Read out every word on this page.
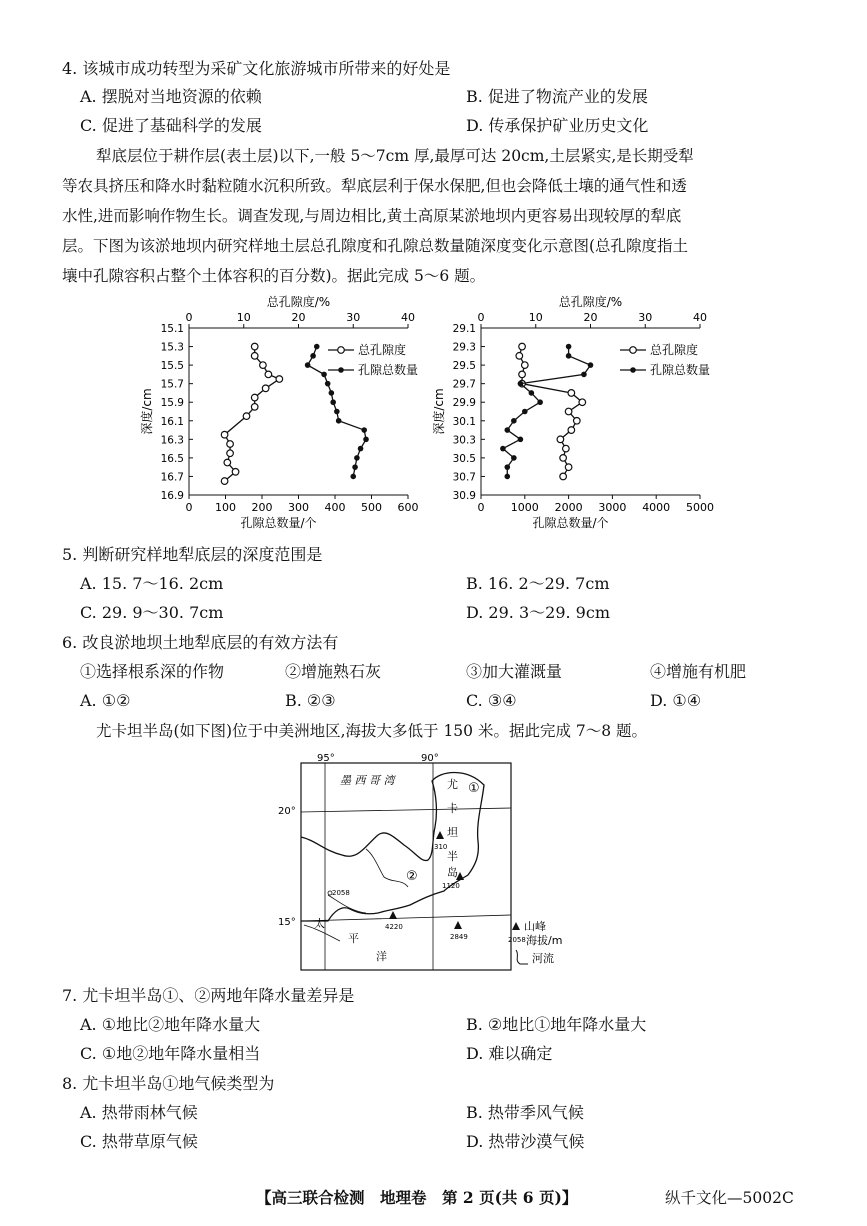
4. 该城市成功转型为采矿文化旅游城市所带来的好处是
A. 摆脱对当地资源的依赖	B. 促进了物流产业的发展
C. 促进了基础科学的发展	D. 传承保护矿业历史文化
犁底层位于耕作层(表土层)以下,一般 5～7cm 厚,最厚可达 20cm,土层紧实,是长期受犁
等农具挤压和降水时黏粒随水沉积所致。犁底层利于保水保肥,但也会降低土壤的通气性和透
水性,进而影响作物生长。调查发现,与周边相比,黄土高原某淤地坝内更容易出现较厚的犁底
层。下图为该淤地坝内研究样地土层总孔隙度和孔隙总数量随深度变化示意图(总孔隙度指土
壤中孔隙容积占整个土体容积的百分数)。据此完成 5～6 题。
0	10	20	30	40
总孔隙度/%
0 100 200 300 400 500 600
孔隙总数量/个
15.1
15.3
15.5
15.7
15.9
16.1
16.3
16.5
16.7
16.9
深度/cm
总孔隙度
孔隙总数量
0	10	20	30	40
总孔隙度/%
0 1000 2000 3000 4000 5000
孔隙总数量/个
29.1
29.3
29.5
29.7
29.9
30.1
30.3
30.5
30.7
30.9
深度/cm
总孔隙度
孔隙总数量
5. 判断研究样地犁底层的深度范围是
A. 15. 7～16. 2cm	B. 16. 2～29. 7cm
C. 29. 9～30. 7cm	D. 29. 3～29. 9cm
6. 改良淤地坝土地犁底层的有效方法有
①选择根系深的作物	②增施熟石灰	③加大灌溉量	④增施有机肥
A. ①②	B. ②③	C. ③④	D. ①④
尤卡坦半岛(如下图)位于中美洲地区,海拔大多低于 150 米。据此完成 7～8 题。
95°	90°
20°
15°
墨 西 哥 湾	尤
卡
坦
半
岛
①
②
太
平
洋
310
1120
2058
4220
2849
山峰
2058 海拔/m
河流
7. 尤卡坦半岛①、②两地年降水量差异是
A. ①地比②地年降水量大	B. ②地比①地年降水量大
C. ①地②地年降水量相当	D. 难以确定
8. 尤卡坦半岛①地气候类型为
A. 热带雨林气候	B. 热带季风气候
C. 热带草原气候	D. 热带沙漠气候
【高三联合检测　地理卷　第 2 页(共 6 页)】	纵千文化—5002C
